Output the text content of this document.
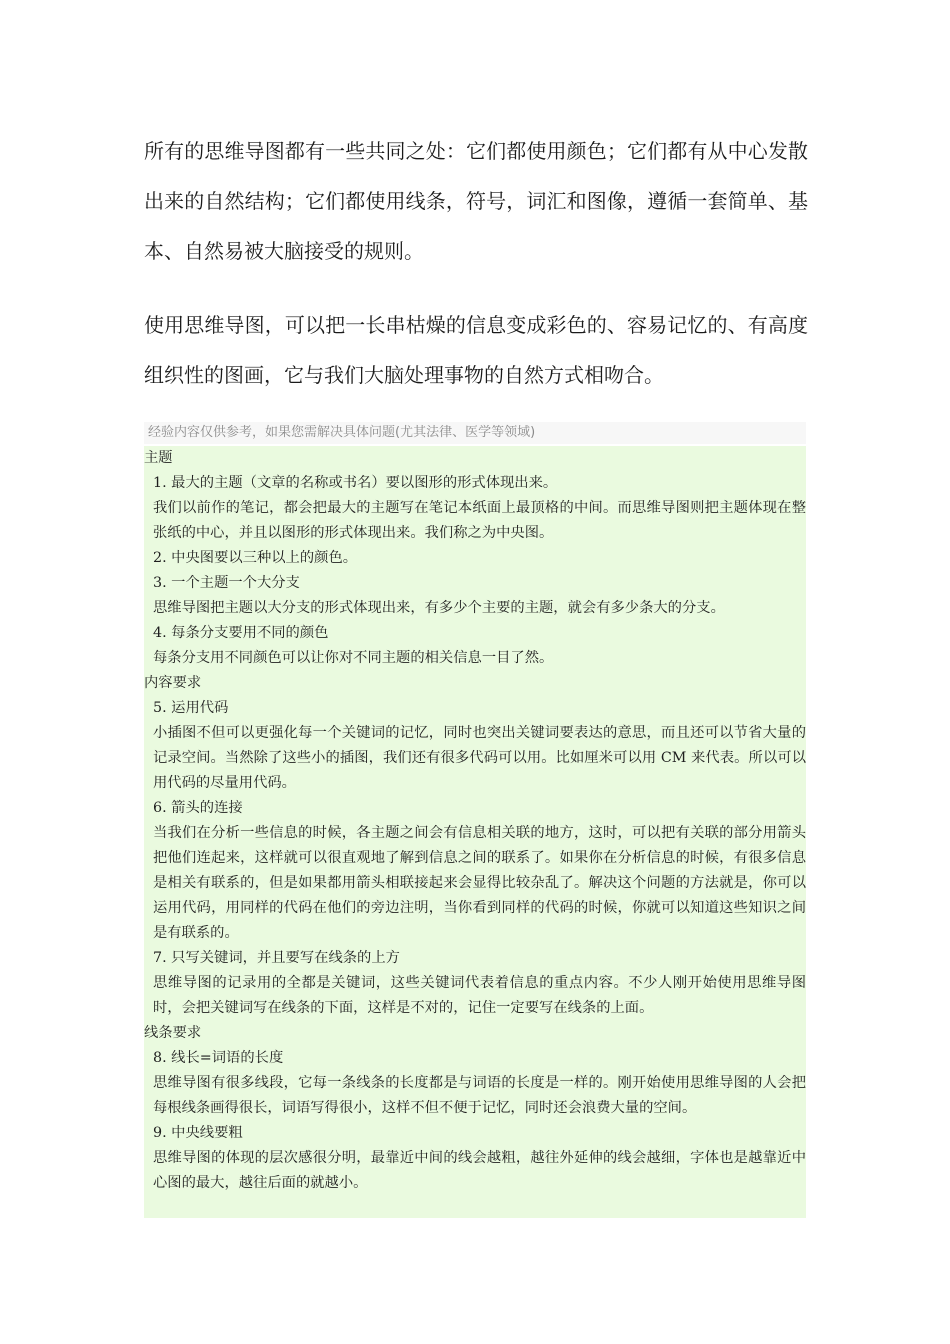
所有的思维导图都有一些共同之处：它们都使用颜色；它们都有从中心发散出来的自然结构；它们都使用线条，符号，词汇和图像，遵循一套简单、基本、自然易被大脑接受的规则。

使用思维导图，可以把一长串枯燥的信息变成彩色的、容易记忆的、有高度组织性的图画，它与我们大脑处理事物的自然方式相吻合。

经验内容仅供参考，如果您需解决具体问题(尤其法律、医学等领域)

主题

1. 最大的主题（文章的名称或书名）要以图形的形式体现出来。

我们以前作的笔记，都会把最大的主题写在笔记本纸面上最顶格的中间。而思维导图则把主题体现在整张纸的中心，并且以图形的形式体现出来。我们称之为中央图。

2. 中央图要以三种以上的颜色。

3. 一个主题一个大分支

思维导图把主题以大分支的形式体现出来，有多少个主要的主题，就会有多少条大的分支。

4. 每条分支要用不同的颜色

每条分支用不同颜色可以让你对不同主题的相关信息一目了然。

内容要求

5. 运用代码

小插图不但可以更强化每一个关键词的记忆，同时也突出关键词要表达的意思，而且还可以节省大量的记录空间。当然除了这些小的插图，我们还有很多代码可以用。比如厘米可以用 CM 来代表。所以可以用代码的尽量用代码。

6. 箭头的连接

当我们在分析一些信息的时候，各主题之间会有信息相关联的地方，这时，可以把有关联的部分用箭头把他们连起来，这样就可以很直观地了解到信息之间的联系了。如果你在分析信息的时候，有很多信息是相关有联系的，但是如果都用箭头相联接起来会显得比较杂乱了。解决这个问题的方法就是，你可以运用代码，用同样的代码在他们的旁边注明，当你看到同样的代码的时候，你就可以知道这些知识之间是有联系的。

7. 只写关键词，并且要写在线条的上方

思维导图的记录用的全都是关键词，这些关键词代表着信息的重点内容。不少人刚开始使用思维导图时，会把关键词写在线条的下面，这样是不对的，记住一定要写在线条的上面。

线条要求

8. 线长=词语的长度

思维导图有很多线段，它每一条线条的长度都是与词语的长度是一样的。刚开始使用思维导图的人会把每根线条画得很长，词语写得很小，这样不但不便于记忆，同时还会浪费大量的空间。

9. 中央线要粗

思维导图的体现的层次感很分明，最靠近中间的线会越粗，越往外延伸的线会越细，字体也是越靠近中心图的最大，越往后面的就越小。
